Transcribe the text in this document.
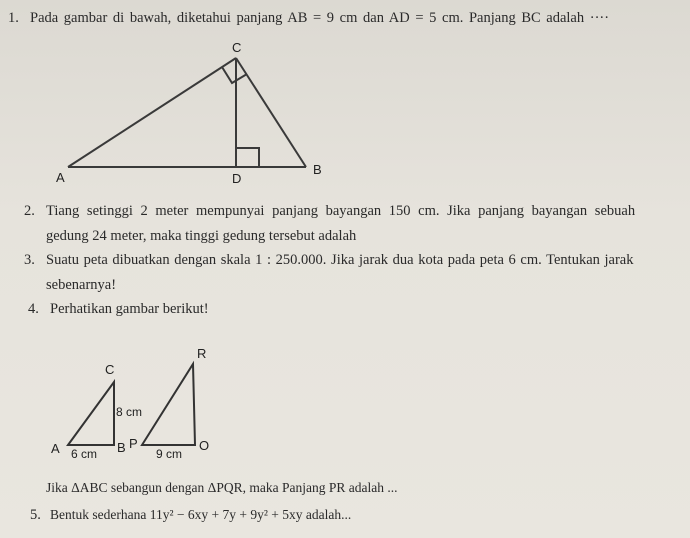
1. Pada gambar di bawah, diketahui panjang AB = 9 cm dan AD = 5 cm. Panjang BC adalah ····
C
A	D
B
2. Tiang setinggi 2 meter mempunyai panjang bayangan 150 cm. Jika panjang bayangan sebuah
gedung 24 meter, maka tinggi gedung tersebut adalah
3. Suatu peta dibuatkan dengan skala 1 : 250.000. Jika jarak dua kota pada peta 6 cm. Tentukan jarak
sebenarnya!
4. Perhatikan gambar berikut!
C
R
8 cm
A 6 cm B P
9 cm
O
Jika ΔABC sebangun dengan ΔPQR, maka Panjang PR adalah ...
5. Bentuk sederhana 11y² − 6xy + 7y + 9y² + 5xy adalah...
